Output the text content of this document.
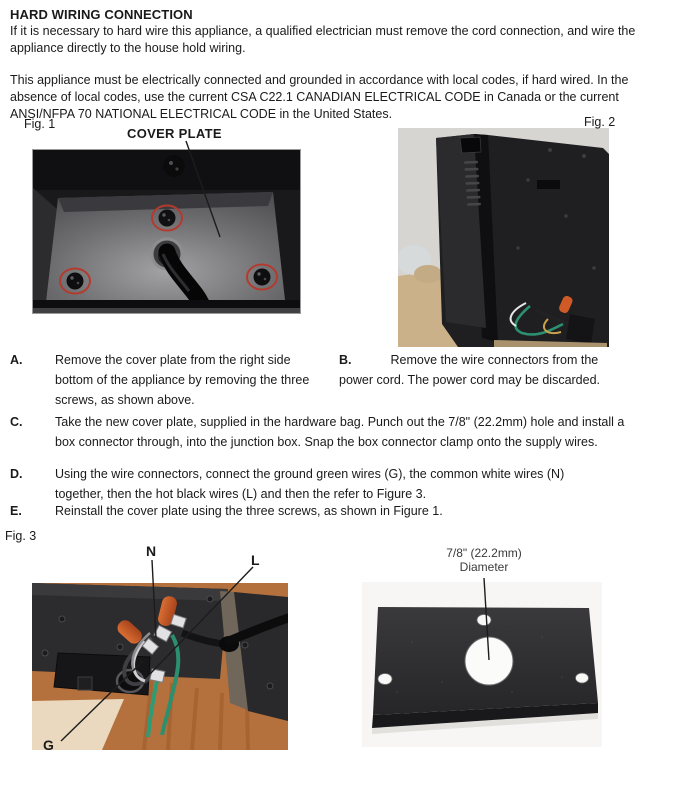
HARD WIRING CONNECTION
If it is necessary to hard wire this appliance, a qualified electrician must remove the cord connection, and wire the appliance directly to the house hold wiring.
This appliance must be electrically connected and grounded in accordance with local codes, if hard wired. In the absence of local codes, use the current CSA C22.1 CANADIAN ELECTRICAL CODE in Canada or the current ANSI/NFPA 70 NATIONAL ELECTRICAL CODE in the United States.
Fig. 1
COVER PLATE
Fig. 2
A.	Remove the cover plate from the right side bottom of the appliance by removing the three screws, as shown above.

B.	Remove the wire connectors from the power cord. The power cord may be discarded.

C.	Take the new cover plate, supplied in the hardware bag. Punch out the 7/8" (22.2mm) hole and install a box connector through, into the junction box. Snap the box connector clamp onto the supply wires.

D.	Using the wire connectors, connect the ground green wires (G), the common white wires (N) together, then the hot black wires (L) and then the refer to Figure 3.

E.	Reinstall the cover plate using the three screws, as shown in Figure 1.

Fig. 3
N
L
G
7/8" (22.2mm)
Diameter
